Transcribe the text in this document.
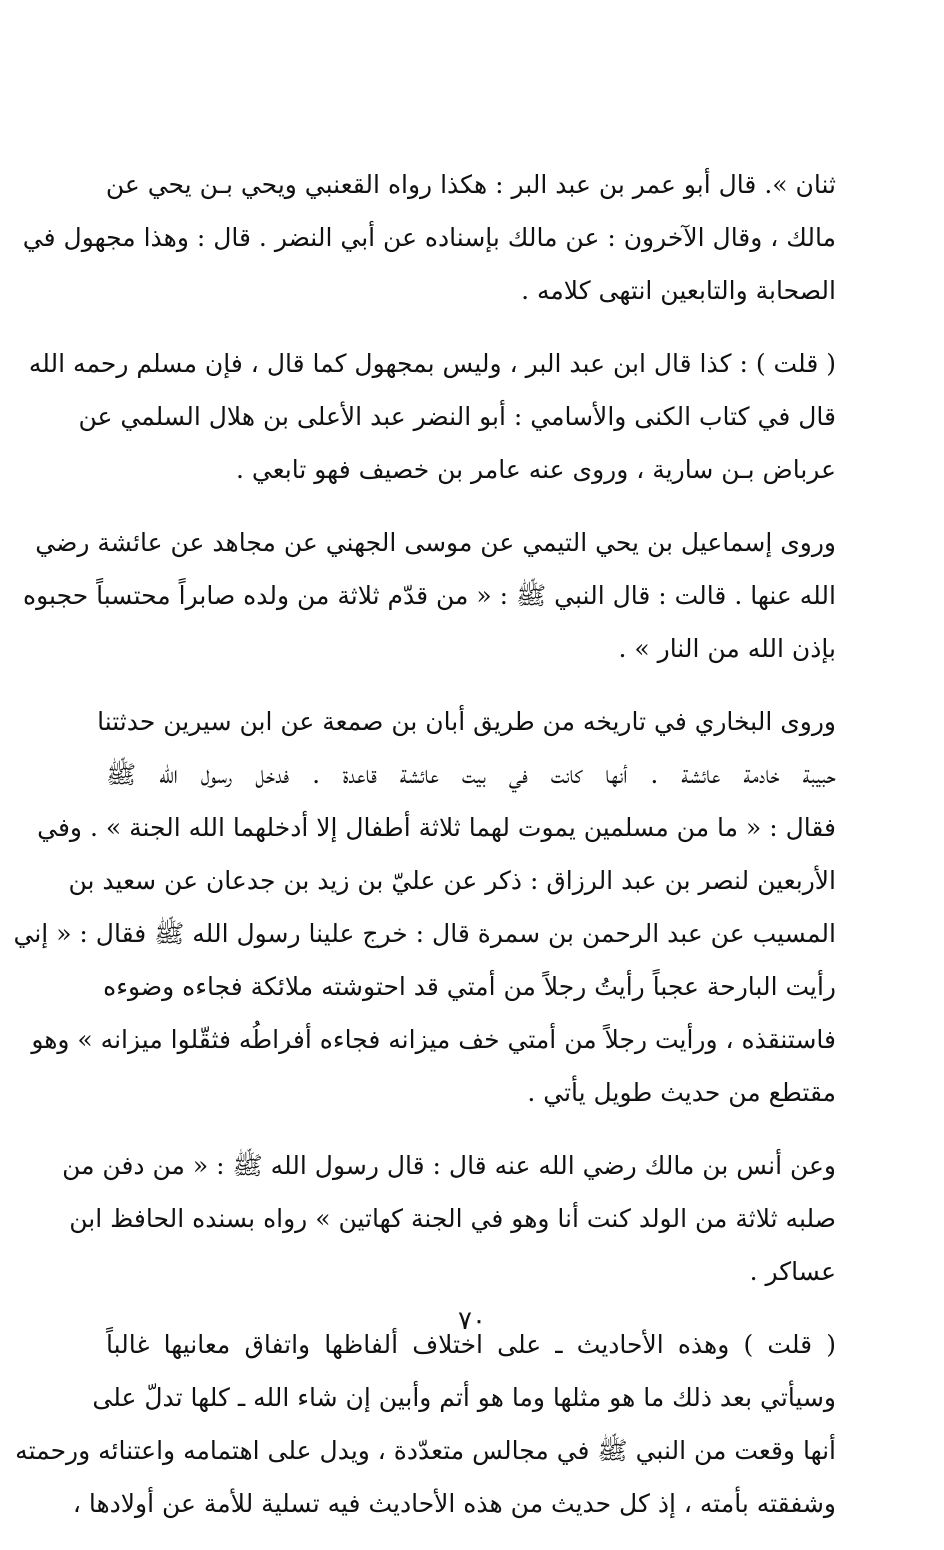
ثنان ». قال أبو عمر بن عبد البر : هكذا رواه القعنبي ويحي بـن يحي عن
مالك ، وقال الآخرون : عن مالك بإسناده عن أبي النضر . قال : وهذا مجهول في
الصحابة والتابعين انتهى كلامه .

( قلت ) : كذا قال ابن عبد البر ، وليس بمجهول كما قال ، فإن مسلم رحمه الله
قال في كتاب الكنى والأسامي : أبو النضر عبد الأعلى بن هلال السلمي عن
عرباض بـن سارية ، وروى عنه عامر بن خصيف فهو تابعي .

وروى إسماعيل بن يحي التيمي عن موسى الجهني عن مجاهد عن عائشة رضي
الله عنها . قالت : قال النبي ﷺ : « من قدّم ثلاثة من ولده صابراً محتسباً حجبوه
بإذن الله من النار » .

وروى البخاري في تاريخه من طريق أبان بن صمعة عن ابن سيرين حدثتنا
حبيبة خادمة عائشة . أنها كانت في بيت عائشة قاعدة . فدخل رسول الله ﷺ
فقال : « ما من مسلمين يموت لهما ثلاثة أطفال إلا أدخلهما الله الجنة » . وفي
الأربعين لنصر بن عبد الرزاق : ذكر عن عليّ بن زيد بن جدعان عن سعيد بن
المسيب عن عبد الرحمن بن سمرة قال : خرج علينا رسول الله ﷺ فقال : « إني
رأيت البارحة عجباً رأيتُ رجلاً من أمتي قد احتوشته ملائكة فجاءه وضوءه
فاستنقذه ، ورأيت رجلاً من أمتي خف ميزانه فجاءه أفراطُه فثقّلوا ميزانه » وهو
مقتطع من حديث طويل يأتي .

وعن أنس بن مالك رضي الله عنه قال : قال رسول الله ﷺ : « من دفن من
صلبه ثلاثة من الولد كنت أنا وهو في الجنة كهاتين » رواه بسنده الحافظ ابن
عساكر .

( قلت ) وهذه الأحاديث ـ على اختلاف ألفاظها واتفاق معانيها غالباً
وسيأتي بعد ذلك ما هو مثلها وما هو أتم وأبين إن شاء الله ـ كلها تدلّ على
أنها وقعت من النبي ﷺ في مجالس متعدّدة ، ويدل على اهتمامه واعتنائه ورحمته
وشفقته بأمته ، إذ كل حديث من هذه الأحاديث فيه تسلية للأمة عن أولادها ،

٧٠
